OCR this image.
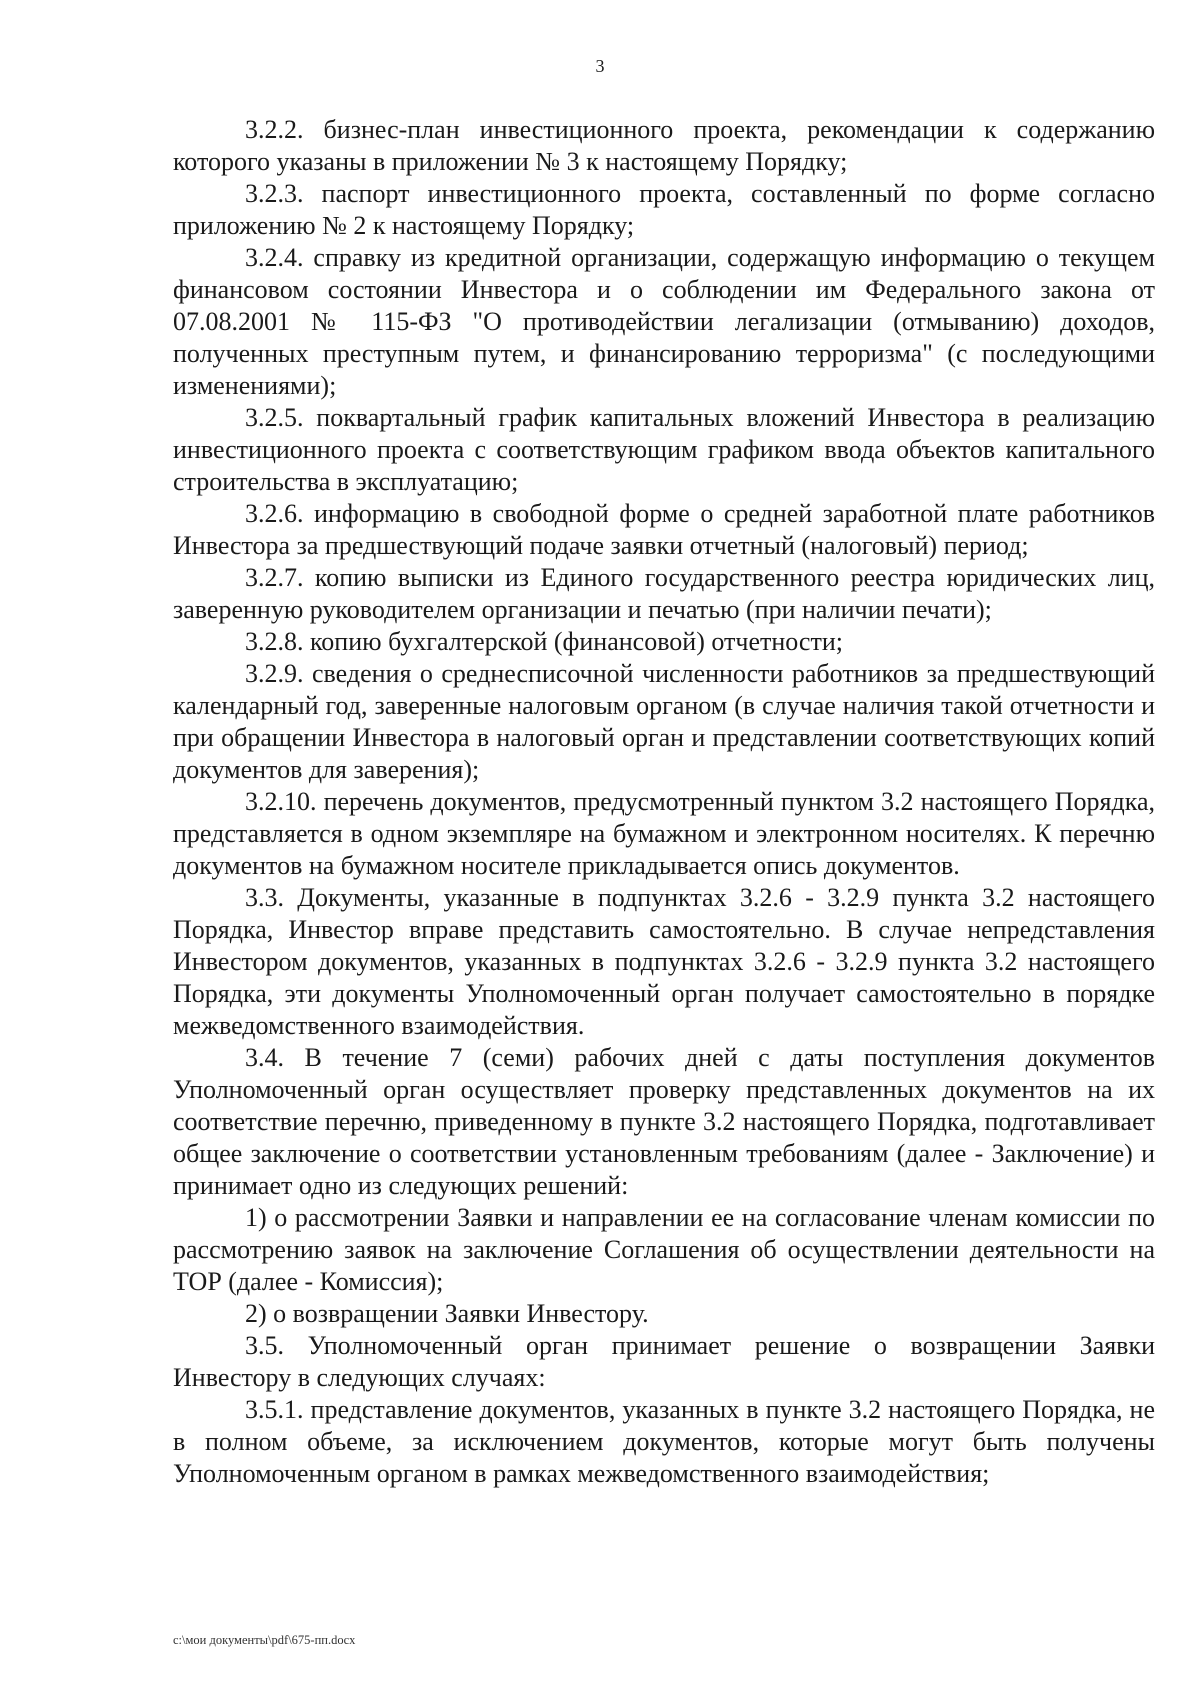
3

3.2.2. бизнес-план инвестиционного проекта, рекомендации к содержанию которого указаны в приложении № 3 к настоящему Порядку;

3.2.3. паспорт инвестиционного проекта, составленный по форме согласно приложению № 2 к настоящему Порядку;

3.2.4. справку из кредитной организации, содержащую информацию о текущем финансовом состоянии Инвестора и о соблюдении им Федерального закона от 07.08.2001 № 115-ФЗ "О противодействии легализации (отмыванию) доходов, полученных преступным путем, и финансированию терроризма" (с последующими изменениями);

3.2.5. поквартальный график капитальных вложений Инвестора в реализацию инвестиционного проекта с соответствующим графиком ввода объектов капитального строительства в эксплуатацию;

3.2.6. информацию в свободной форме о средней заработной плате работников Инвестора за предшествующий подаче заявки отчетный (налоговый) период;

3.2.7. копию выписки из Единого государственного реестра юридических лиц, заверенную руководителем организации и печатью (при наличии печати);

3.2.8. копию бухгалтерской (финансовой) отчетности;

3.2.9. сведения о среднесписочной численности работников за предшествующий календарный год, заверенные налоговым органом (в случае наличия такой отчетности и при обращении Инвестора в налоговый орган и представлении соответствующих копий документов для заверения);

3.2.10. перечень документов, предусмотренный пунктом 3.2 настоящего Порядка, представляется в одном экземпляре на бумажном и электронном носителях. К перечню документов на бумажном носителе прикладывается опись документов.

3.3. Документы, указанные в подпунктах 3.2.6 - 3.2.9 пункта 3.2 настоящего Порядка, Инвестор вправе представить самостоятельно. В случае непредставления Инвестором документов, указанных в подпунктах 3.2.6 - 3.2.9 пункта 3.2 настоящего Порядка, эти документы Уполномоченный орган получает самостоятельно в порядке межведомственного взаимодействия.

3.4. В течение 7 (семи) рабочих дней с даты поступления документов Уполномоченный орган осуществляет проверку представленных документов на их соответствие перечню, приведенному в пункте 3.2 настоящего Порядка, подготавливает общее заключение о соответствии установленным требованиям (далее - Заключение) и принимает одно из следующих решений:

1) о рассмотрении Заявки и направлении ее на согласование членам комиссии по рассмотрению заявок на заключение Соглашения об осуществлении деятельности на ТОР (далее - Комиссия);

2) о возвращении Заявки Инвестору.

3.5. Уполномоченный орган принимает решение о возвращении Заявки Инвестору в следующих случаях:

3.5.1. представление документов, указанных в пункте 3.2 настоящего Порядка, не в полном объеме, за исключением документов, которые могут быть получены Уполномоченным органом в рамках межведомственного взаимодействия;

c:\мои документы\pdf\675-пп.docx
